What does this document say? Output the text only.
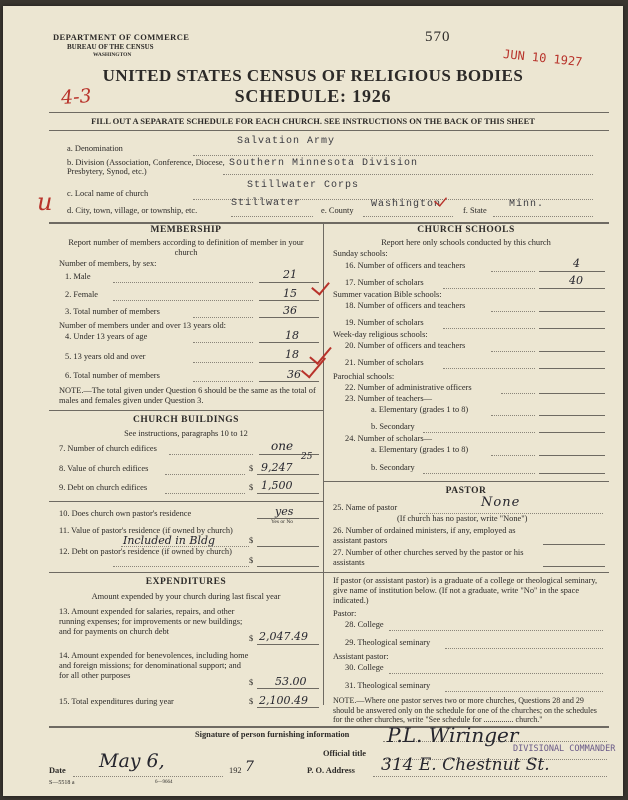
DEPARTMENT OF COMMERCE
BUREAU OF THE CENSUS
WASHINGTON
570
JUN 10 1927
UNITED STATES CENSUS OF RELIGIOUS BODIES
SCHEDULE: 1926
4-3
FILL OUT A SEPARATE SCHEDULE FOR EACH CHURCH. SEE INSTRUCTIONS ON THE BACK OF THIS SHEET
a. Denomination
Salvation Army
b. Division (Association, Conference, Diocese, Presbytery, Synod, etc.)
Southern Minnesota Division
u c. Local name of church
Stillwater Corps
d. City, town, village, or township, etc.
Stillwater
e. County
Washington
f. State
Minn.
MEMBERSHIP
Report number of members according to definition of member in your church
Number of members, by sex:
1. Male	21
2. Female	15
3. Total number of members	36
Number of members under and over 13 years old:
4. Under 13 years of age	18
5. 13 years old and over	18
6. Total number of members	36
NOTE.—The total given under Question 6 should be the same as the total of males and females given under Question 3.
CHURCH BUILDINGS
See instructions, paragraphs 10 to 12
7. Number of church edifices	one
8. Value of church edifices	$ 9,247
25
9. Debt on church edifices	$ 1,500
10. Does church own pastor's residence	yes
Yes or No
11. Value of pastor's residence (if owned by church)
Included in Bldg	$
12. Debt on pastor's residence (if owned by church)
$
EXPENDITURES
Amount expended by your church during last fiscal year
13. Amount expended for salaries, repairs, and other running expenses; for improvements or new buildings; and for payments on church debt
$ 2,047.49
14. Amount expended for benevolences, including home and foreign missions; for denominational support; and for all other purposes
$ 53.00
15. Total expenditures during year	$ 2,100.49
CHURCH SCHOOLS
Report here only schools conducted by this church
Sunday schools:
16. Number of officers and teachers	4
17. Number of scholars	40
Summer vacation Bible schools:
18. Number of officers and teachers
19. Number of scholars
Week-day religious schools:
20. Number of officers and teachers
21. Number of scholars
Parochial schools:
22. Number of administrative officers
23. Number of teachers—
a. Elementary (grades 1 to 8)
b. Secondary
24. Number of scholars—
a. Elementary (grades 1 to 8)
b. Secondary
PASTOR
25. Name of pastor	None
(If church has no pastor, write "None")
26. Number of ordained ministers, if any, employed as assistant pastors
27. Number of other churches served by the pastor or his assistants
If pastor (or assistant pastor) is a graduate of a college or theological seminary, give name of institution below. (If not a graduate, write "No" in the space indicated.)
Pastor:
28. College
29. Theological seminary
Assistant pastor:
30. College
31. Theological seminary
NOTE.—Where one pastor serves two or more churches, Questions 28 and 29 should be answered only on the schedule for one of the churches; on the schedules for the other churches, write "See schedule for ............... church."
Signature of person furnishing information P.L. Wiringer
Official title	DIVISIONAL COMMANDER
Date May 6,	192 7	P. O. Address 314 E. Chestnut St.
S—5518 a	6—9664
